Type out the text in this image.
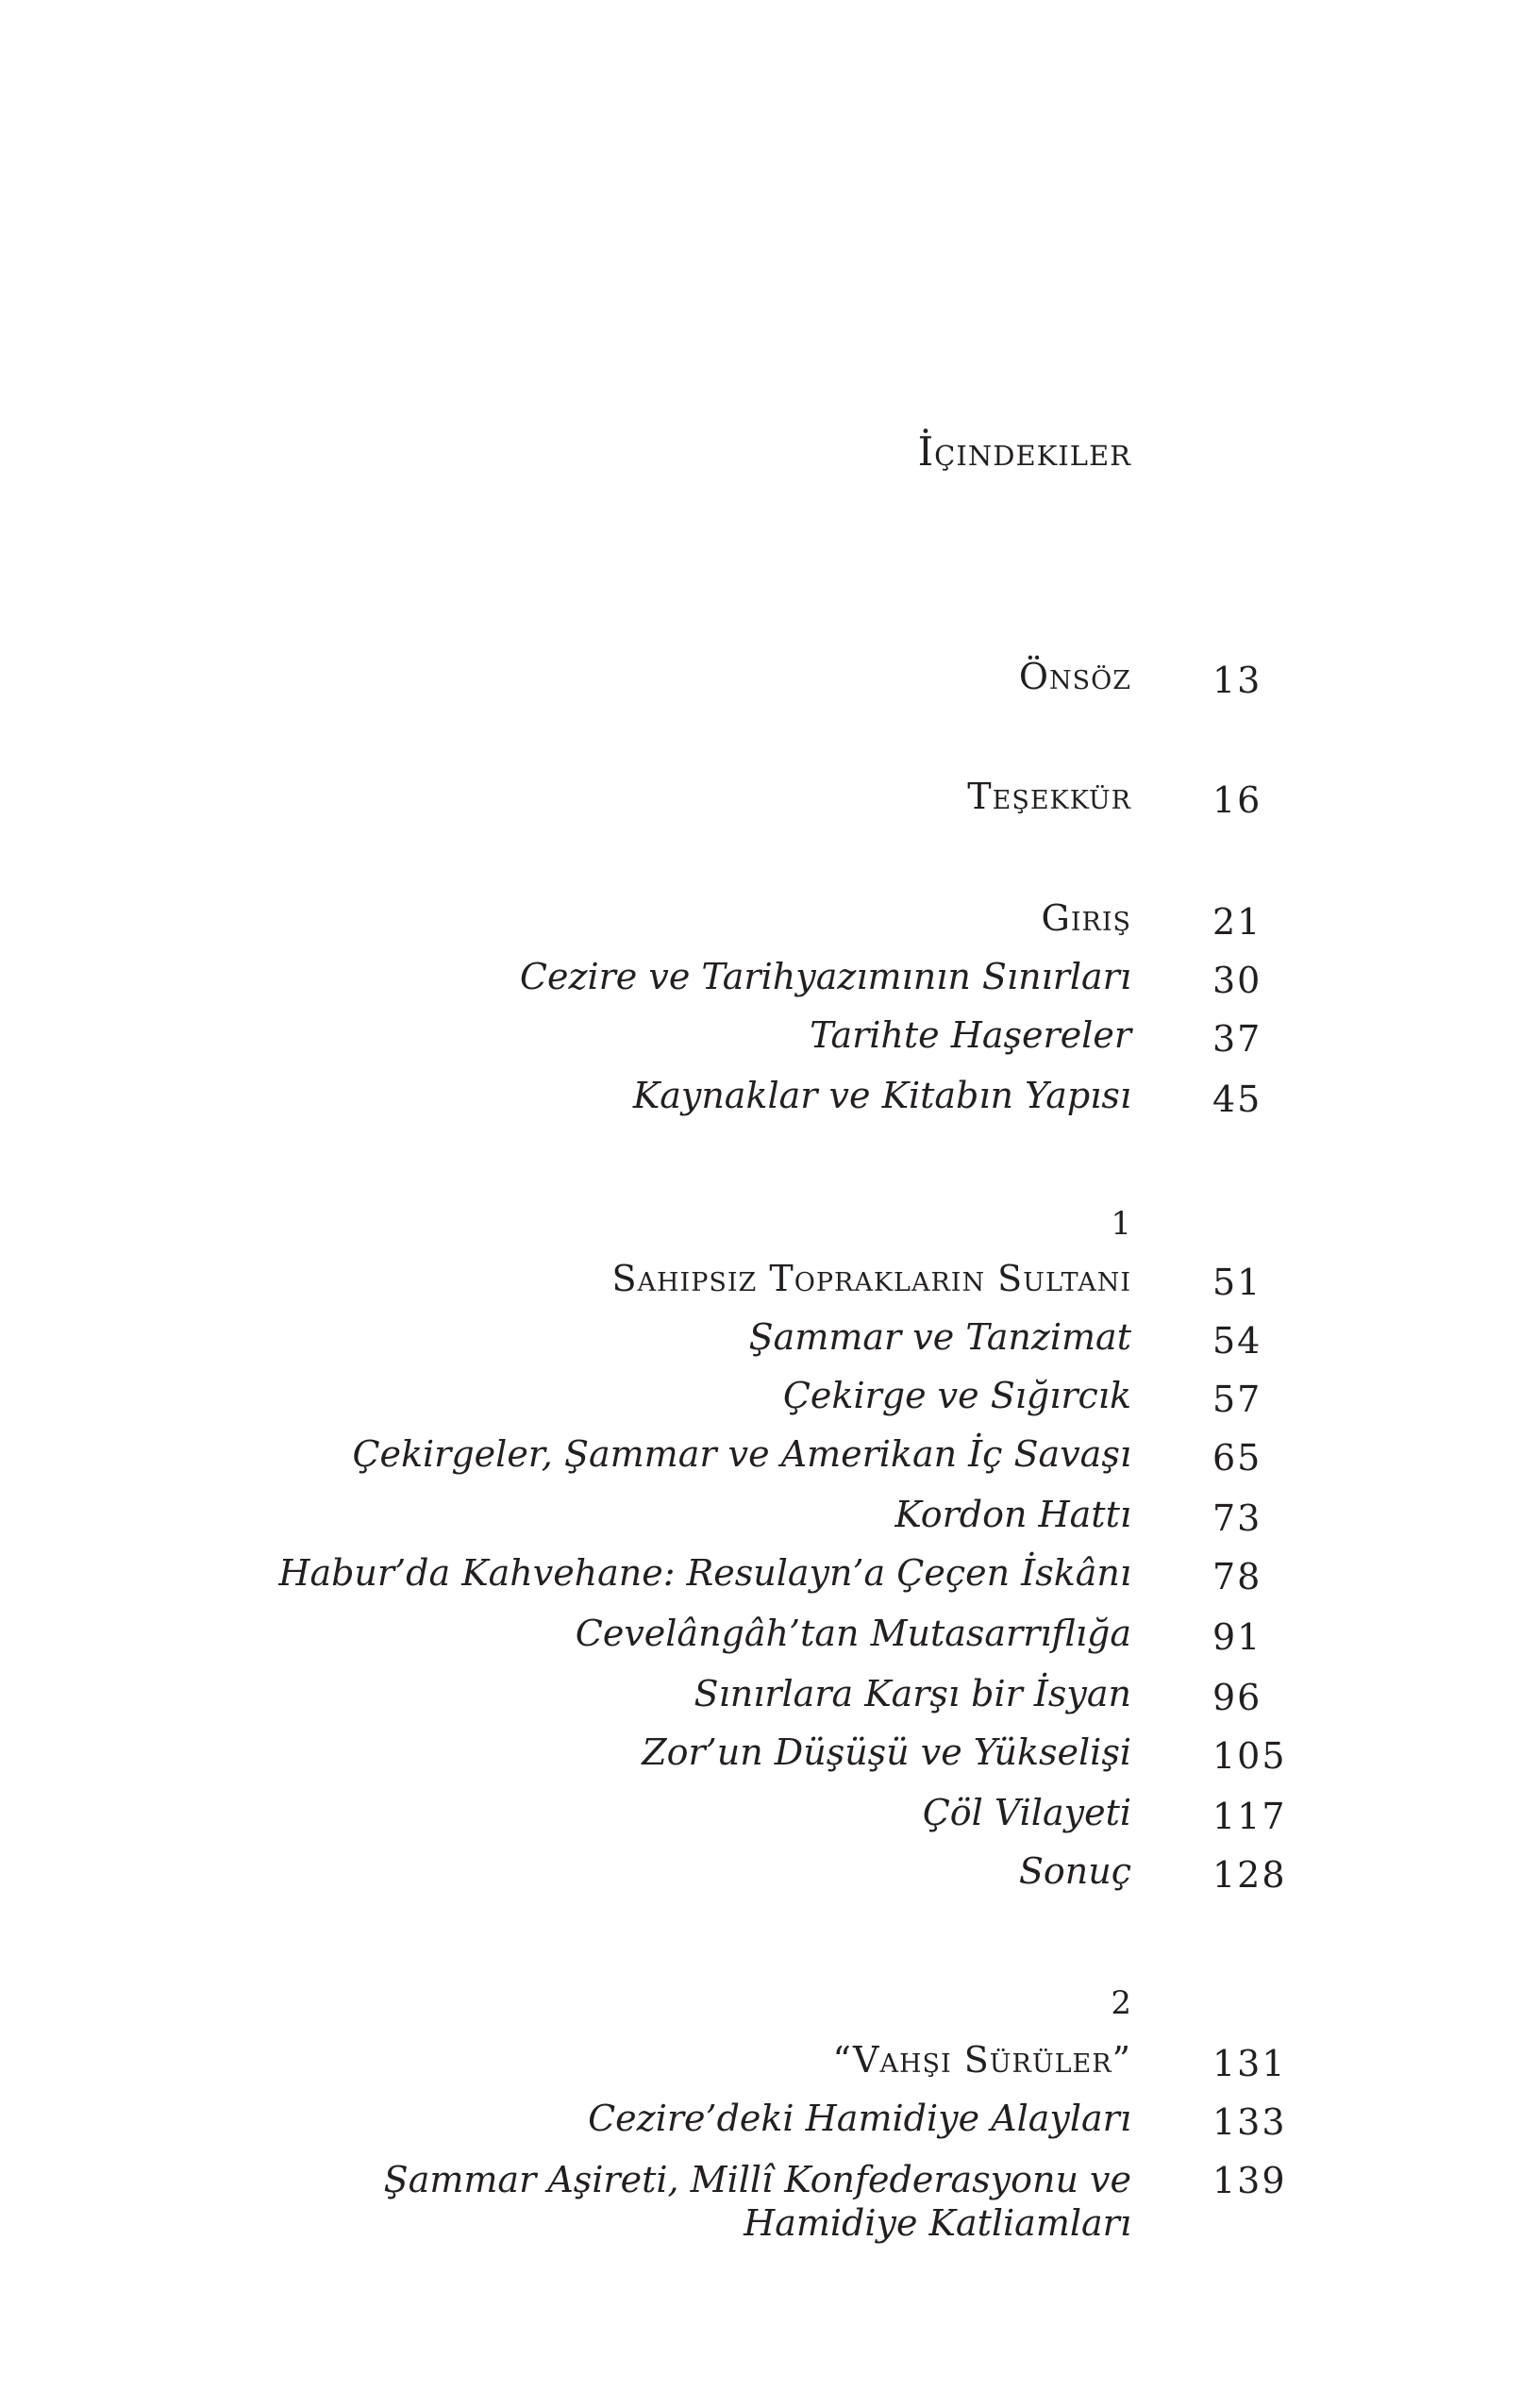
İçindekiler
Önsöz 13
Teşekkür 16
Giriş 21
Cezire ve Tarihyazımının Sınırları 30
Tarihte Haşereler 37
Kaynaklar ve Kitabın Yapısı 45
1
Sahipsiz Toprakların Sultanı 51
Şammar ve Tanzimat 54
Çekirge ve Sığırcık 57
Çekirgeler, Şammar ve Amerikan İç Savaşı 65
Kordon Hattı 73
Habur’da Kahvehane: Resulayn’a Çeçen İskânı 78
Cevelângâh’tan Mutasarrıflığa 91
Sınırlara Karşı bir İsyan 96
Zor’un Düşüşü ve Yükselişi 105
Çöl Vilayeti 117
Sonuç 128
2
“Vahşi Sürüler” 131
Cezire’deki Hamidiye Alayları 133
Şammar Aşireti, Millî Konfederasyonu ve Hamidiye Katliamları
139
